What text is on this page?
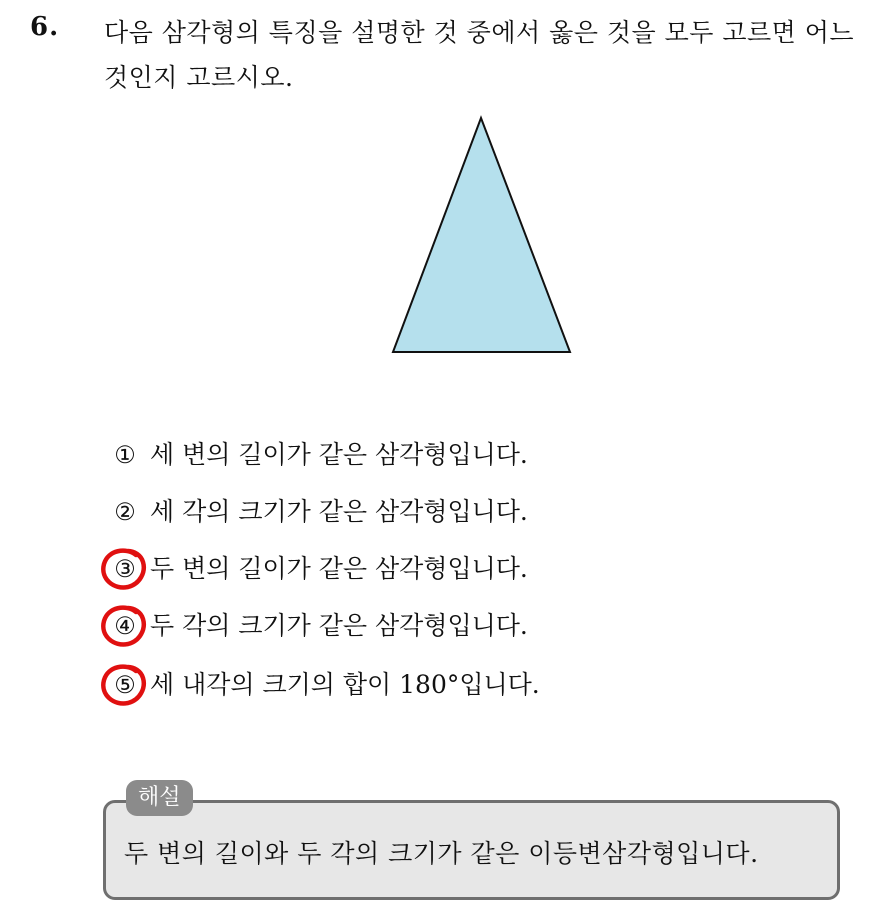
6. 다음 삼각형의 특징을 설명한 것 중에서 옳은 것을 모두 고르면 어느 것인지 고르시오.
① 세 변의 길이가 같은 삼각형입니다.
② 세 각의 크기가 같은 삼각형입니다.
③ 두 변의 길이가 같은 삼각형입니다.
④ 두 각의 크기가 같은 삼각형입니다.
⑤ 세 내각의 크기의 합이 180°입니다.
해설
두 변의 길이와 두 각의 크기가 같은 이등변삼각형입니다.
